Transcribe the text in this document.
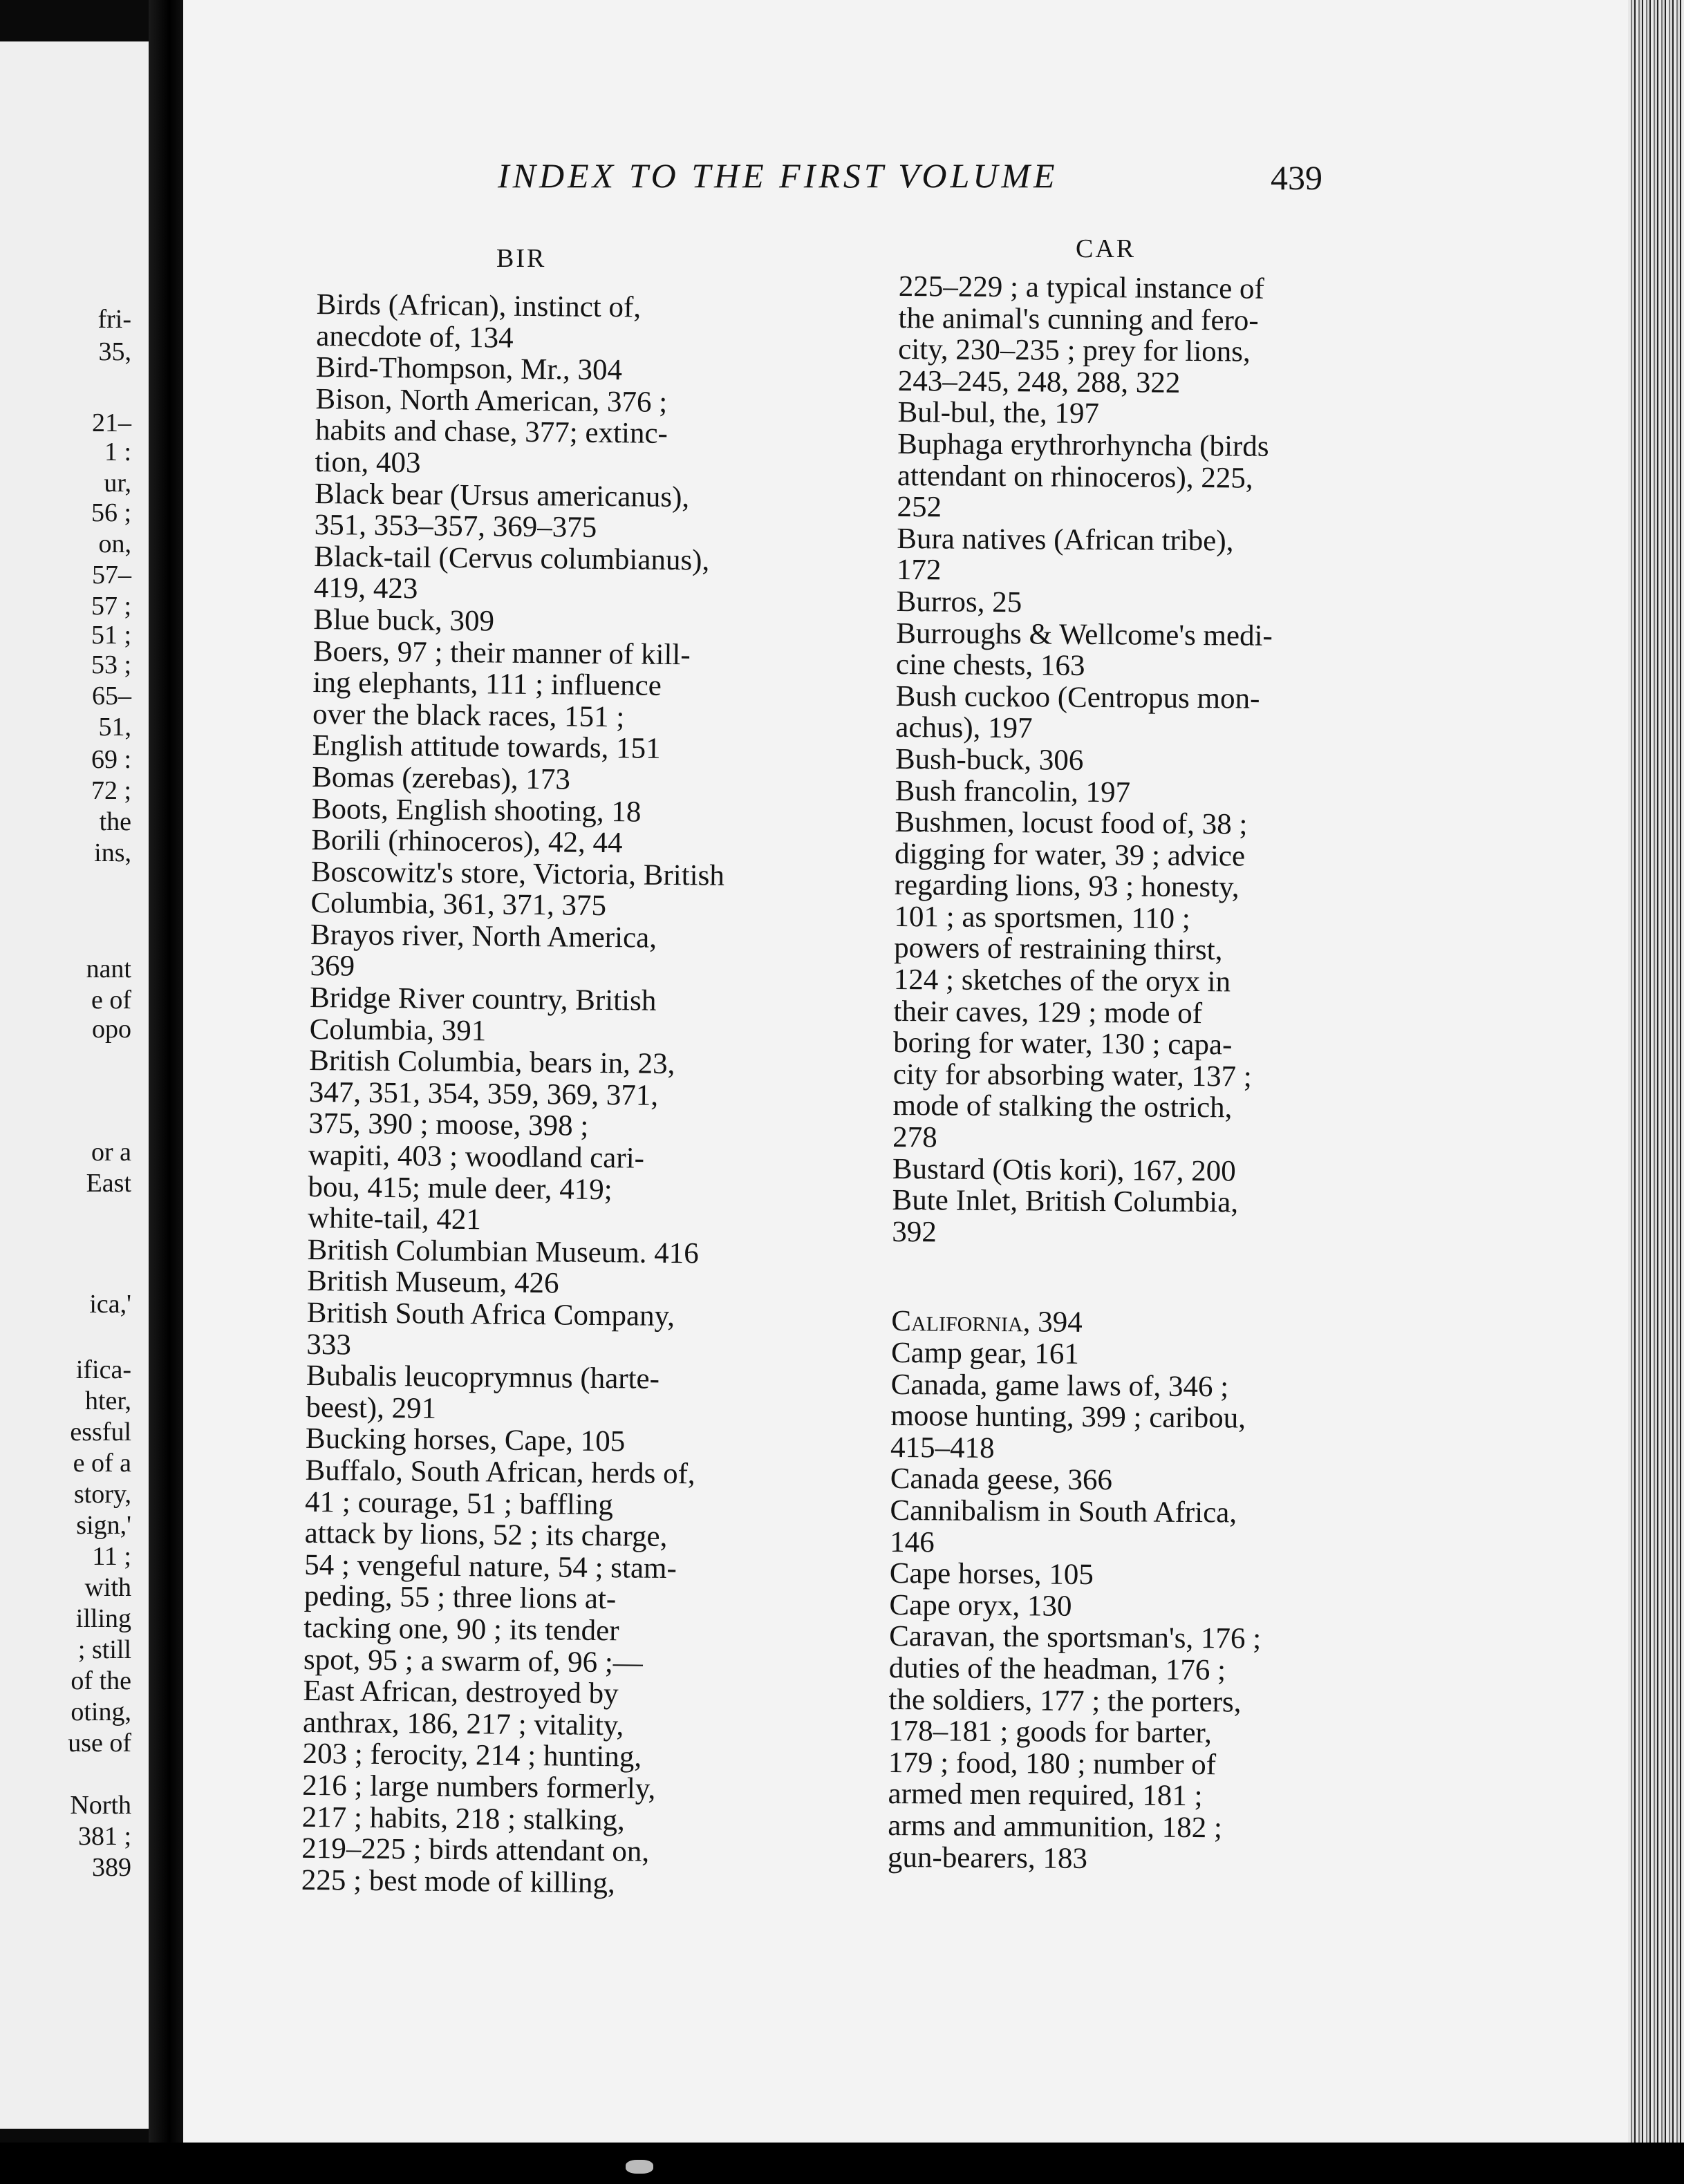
fri-
35,
21–
1 :
ur,
56 ;
on,
57–
57 ;
51 ;
53 ;
65–
51,
69 :
72 ;
the
ins,
nant
e of
opo
or a
East
ica,'
ifica-
hter,
essful
e of a
story,
sign,'
11 ;
with
illing
; still
of the
oting,
use of
North
381 ;
389
INDEX TO THE FIRST VOLUME	439
BIR	CAR
Birds (African), instinct of,
anecdote of, 134
Bird-Thompson, Mr., 304
Bison, North American, 376 ;
habits and chase, 377; extinc-
tion, 403
Black bear (Ursus americanus),
351, 353–357, 369–375
Black-tail (Cervus columbianus),
419, 423
Blue buck, 309
Boers, 97 ; their manner of kill-
ing elephants, 111 ; influence
over the black races, 151 ;
English attitude towards, 151
Bomas (zerebas), 173
Boots, English shooting, 18
Borili (rhinoceros), 42, 44
Boscowitz's store, Victoria, British
Columbia, 361, 371, 375
Brayos river, North America,
369
Bridge River country, British
Columbia, 391
British Columbia, bears in, 23,
347, 351, 354, 359, 369, 371,
375, 390 ; moose, 398 ;
wapiti, 403 ; woodland cari-
bou, 415; mule deer, 419;
white-tail, 421
British Columbian Museum. 416
British Museum, 426
British South Africa Company,
333
Bubalis leucoprymnus (harte-
beest), 291
Bucking horses, Cape, 105
Buffalo, South African, herds of,
41 ; courage, 51 ; baffling
attack by lions, 52 ; its charge,
54 ; vengeful nature, 54 ; stam-
peding, 55 ; three lions at-
tacking one, 90 ; its tender
spot, 95 ; a swarm of, 96 ;—
East African, destroyed by
anthrax, 186, 217 ; vitality,
203 ; ferocity, 214 ; hunting,
216 ; large numbers formerly,
217 ; habits, 218 ; stalking,
219–225 ; birds attendant on,
225 ; best mode of killing,
225–229 ; a typical instance of
the animal's cunning and fero-
city, 230–235 ; prey for lions,
243–245, 248, 288, 322
Bul-bul, the, 197
Buphaga erythrorhyncha (birds
attendant on rhinoceros), 225,
252
Bura natives (African tribe),
172
Burros, 25
Burroughs & Wellcome's medi-
cine chests, 163
Bush cuckoo (Centropus mon-
achus), 197
Bush-buck, 306
Bush francolin, 197
Bushmen, locust food of, 38 ;
digging for water, 39 ; advice
regarding lions, 93 ; honesty,
101 ; as sportsmen, 110 ;
powers of restraining thirst,
124 ; sketches of the oryx in
their caves, 129 ; mode of
boring for water, 130 ; capa-
city for absorbing water, 137 ;
mode of stalking the ostrich,
278
Bustard (Otis kori), 167, 200
Bute Inlet, British Columbia,
392
California, 394
Camp gear, 161
Canada, game laws of, 346 ;
moose hunting, 399 ; caribou,
415–418
Canada geese, 366
Cannibalism in South Africa,
146
Cape horses, 105
Cape oryx, 130
Caravan, the sportsman's, 176 ;
duties of the headman, 176 ;
the soldiers, 177 ; the porters,
178–181 ; goods for barter,
179 ; food, 180 ; number of
armed men required, 181 ;
arms and ammunition, 182 ;
gun-bearers, 183
